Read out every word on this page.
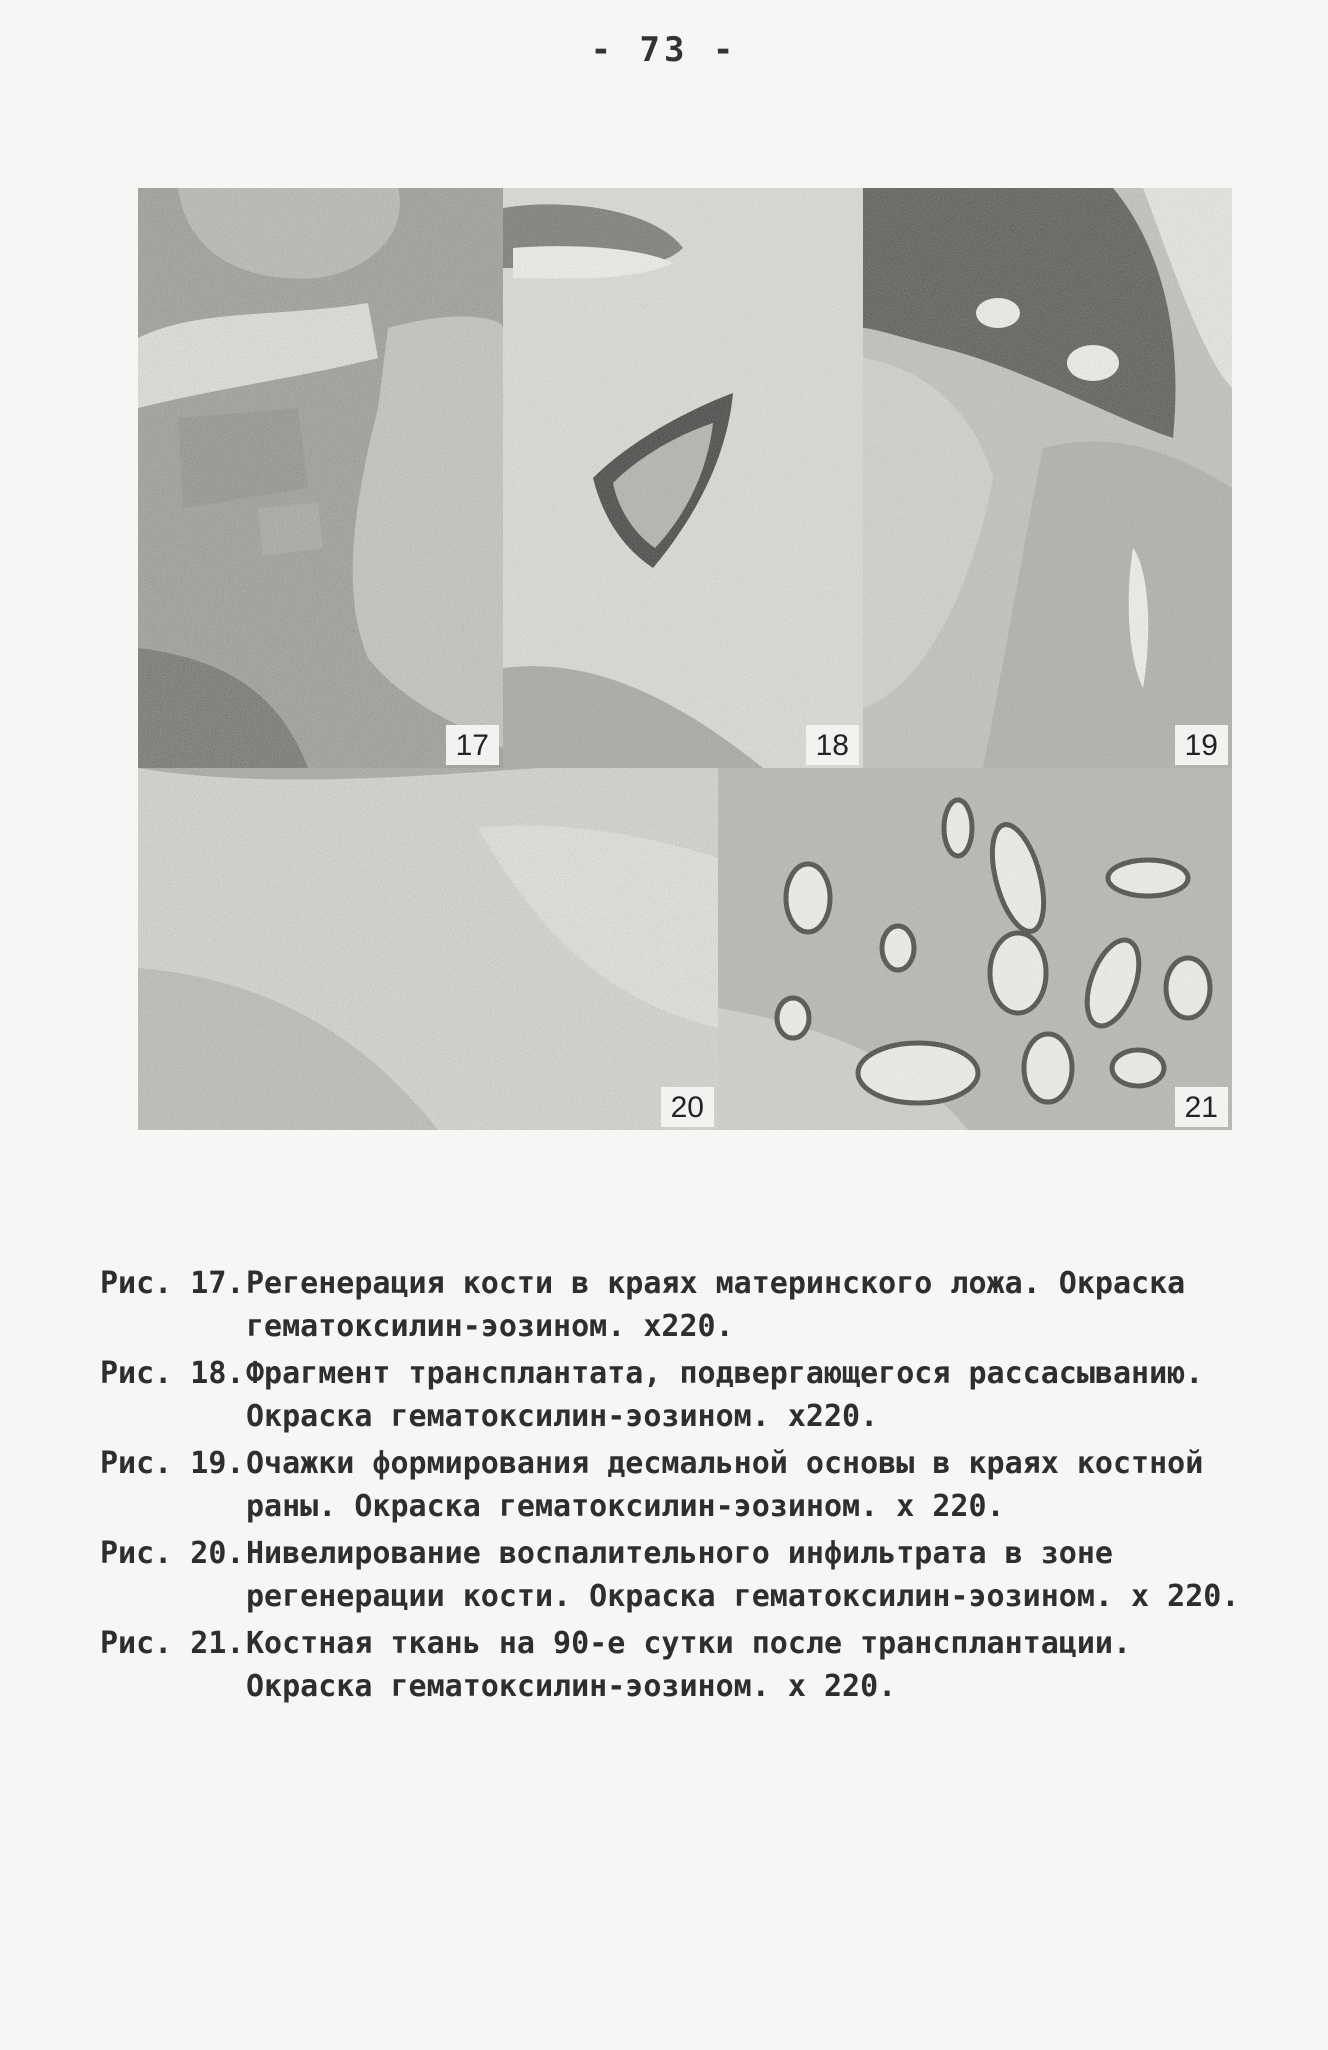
- 73 -
17	18	19
20	21
Рис. 17. Регенерация кости в краях материнского ложа. Окраска гематоксилин-эозином. х220.
Рис. 18. Фрагмент трансплантата, подвергающегося рассасыванию. Окраска гематоксилин-эозином. х220.
Рис. 19. Очажки формирования десмальной основы в краях костной раны. Окраска гематоксилин-эозином. х 220.
Рис. 20. Нивелирование воспалительного инфильтрата в зоне регенерации кости. Окраска гематоксилин-эозином. х 220.
Рис. 21. Костная ткань на 90-е сутки после трансплантации. Окраска гематоксилин-эозином. х 220.
